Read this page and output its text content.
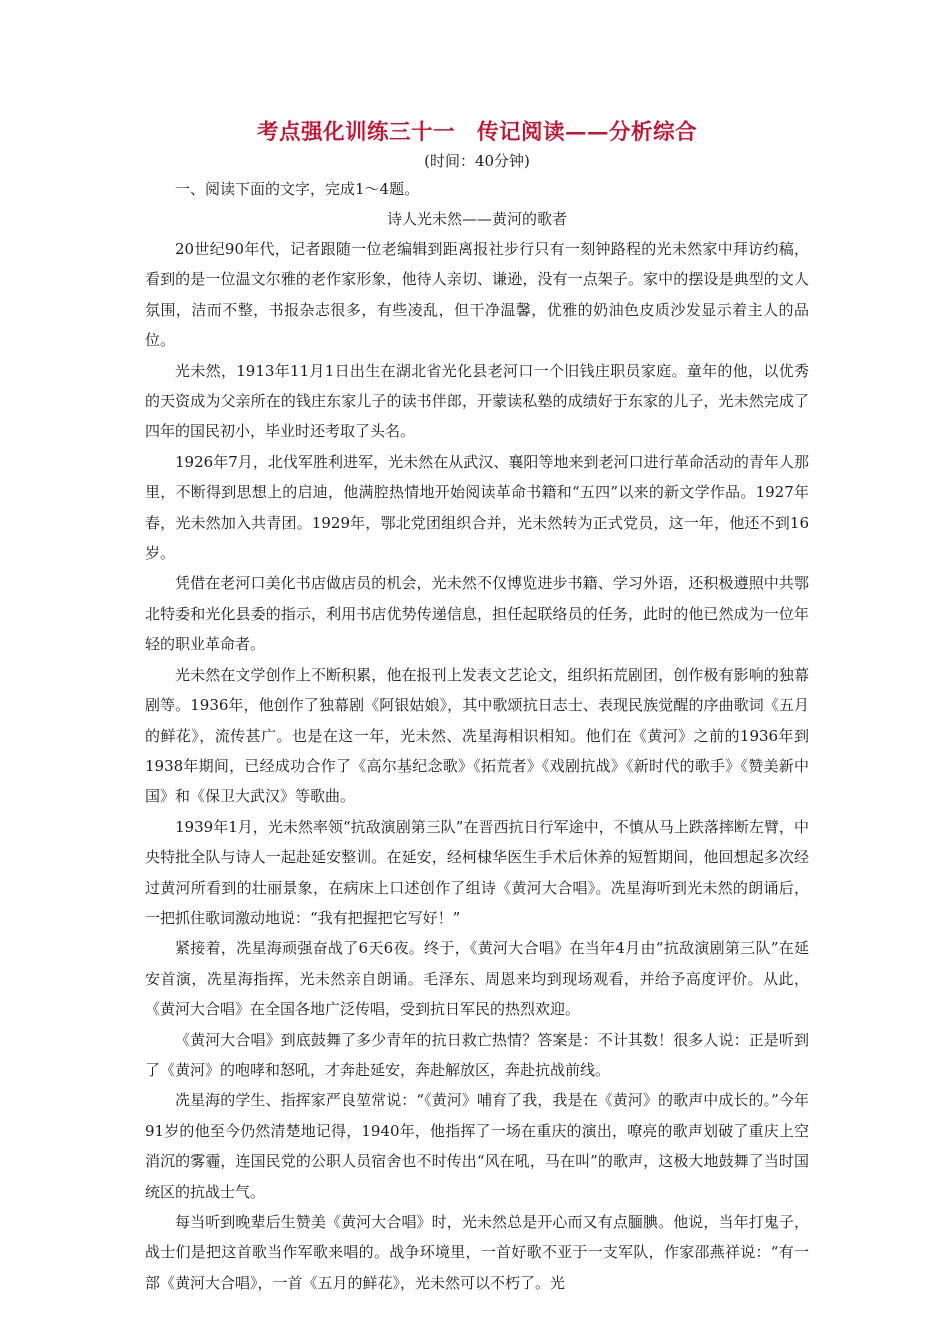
考点强化训练三十一　传记阅读——分析综合

(时间：40分钟)

一、阅读下面的文字，完成1～4题。

诗人光未然——黄河的歌者

20世纪90年代，记者跟随一位老编辑到距离报社步行只有一刻钟路程的光未然家中拜访约稿，看到的是一位温文尔雅的老作家形象，他待人亲切、谦逊，没有一点架子。家中的摆设是典型的文人氛围，洁而不整，书报杂志很多，有些凌乱，但干净温馨，优雅的奶油色皮质沙发显示着主人的品位。

光未然，1913年11月1日出生在湖北省光化县老河口一个旧钱庄职员家庭。童年的他，以优秀的天资成为父亲所在的钱庄东家儿子的读书伴郎，开蒙读私塾的成绩好于东家的儿子，光未然完成了四年的国民初小，毕业时还考取了头名。

1926年7月，北伐军胜利进军，光未然在从武汉、襄阳等地来到老河口进行革命活动的青年人那里，不断得到思想上的启迪，他满腔热情地开始阅读革命书籍和“五四”以来的新文学作品。1927年春，光未然加入共青团。1929年，鄂北党团组织合并，光未然转为正式党员，这一年，他还不到16岁。

凭借在老河口美化书店做店员的机会，光未然不仅博览进步书籍、学习外语，还积极遵照中共鄂北特委和光化县委的指示，利用书店优势传递信息，担任起联络员的任务，此时的他已然成为一位年轻的职业革命者。

光未然在文学创作上不断积累，他在报刊上发表文艺论文，组织拓荒剧团，创作极有影响的独幕剧等。1936年，他创作了独幕剧《阿银姑娘》，其中歌颂抗日志士、表现民族觉醒的序曲歌词《五月的鲜花》，流传甚广。也是在这一年，光未然、冼星海相识相知。他们在《黄河》之前的1936年到1938年期间，已经成功合作了《高尔基纪念歌》《拓荒者》《戏剧抗战》《新时代的歌手》《赞美新中国》和《保卫大武汉》等歌曲。

1939年1月，光未然率领“抗敌演剧第三队”在晋西抗日行军途中，不慎从马上跌落摔断左臂，中央特批全队与诗人一起赴延安整训。在延安，经柯棣华医生手术后休养的短暂期间，他回想起多次经过黄河所看到的壮丽景象，在病床上口述创作了组诗《黄河大合唱》。冼星海听到光未然的朗诵后，一把抓住歌词激动地说：“我有把握把它写好！”

紧接着，冼星海顽强奋战了6天6夜。终于，《黄河大合唱》在当年4月由“抗敌演剧第三队”在延安首演，冼星海指挥，光未然亲自朗诵。毛泽东、周恩来均到现场观看，并给予高度评价。从此，《黄河大合唱》在全国各地广泛传唱，受到抗日军民的热烈欢迎。

《黄河大合唱》到底鼓舞了多少青年的抗日救亡热情？答案是：不计其数！很多人说：正是听到了《黄河》的咆哮和怒吼，才奔赴延安，奔赴解放区，奔赴抗战前线。

冼星海的学生、指挥家严良堃常说：“《黄河》哺育了我，我是在《黄河》的歌声中成长的。”今年91岁的他至今仍然清楚地记得，1940年，他指挥了一场在重庆的演出，嘹亮的歌声划破了重庆上空消沉的雾霾，连国民党的公职人员宿舍也不时传出“风在吼，马在叫”的歌声，这极大地鼓舞了当时国统区的抗战士气。

每当听到晚辈后生赞美《黄河大合唱》时，光未然总是开心而又有点腼腆。他说，当年打鬼子，战士们是把这首歌当作军歌来唱的。战争环境里，一首好歌不亚于一支军队，作家邵燕祥说：“有一部《黄河大合唱》，一首《五月的鲜花》，光未然可以不朽了。光
